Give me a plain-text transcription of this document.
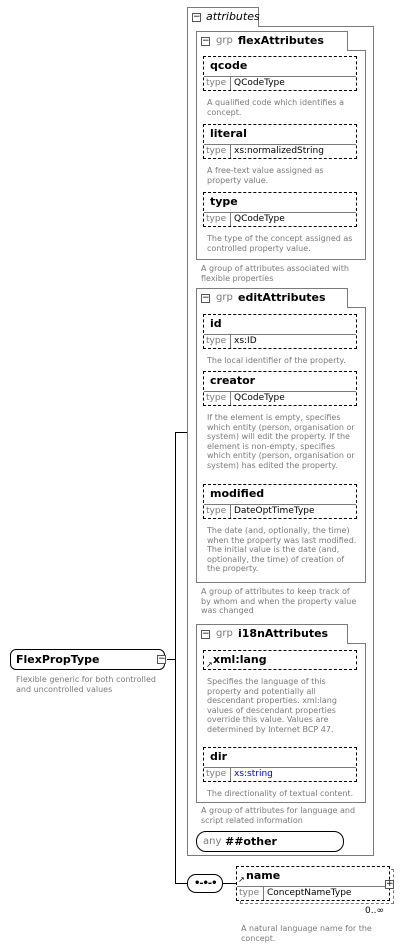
− attributes
− grp flexAttributes
qcode
type QCodeType
A qualified code which identifies a concept.
literal
type xs:normalizedString
A free-text value assigned as property value.
type
type QCodeType
The type of the concept assigned as controlled property value.
A group of attributes associated with flexible properties
− grp editAttributes
id
type xs:ID
The local identifier of the property.
creator
type QCodeType
If the element is empty, specifies which entity (person, organisation or system) will edit the property. If the element is non-empty, specifies which entity (person, organisation or system) has edited the property.
modified
type DateOptTimeType
The date (and, optionally, the time) when the property was last modified. The initial value is the date (and, optionally, the time) of creation of the property.
A group of attributes to keep track of by whom and when the property value was changed
− grp i18nAttributes
↗ xml:lang
Specifies the language of this property and potentially all descendant properties. xml:lang values of descendant properties override this value. Values are determined by Internet BCP 47.
dir
type xs:string
The directionality of textual content.
A group of attributes for language and script related information
any ##other
FlexPropType	−
Flexible generic for both controlled and uncontrolled values
•-•-•	↗ name
type ConceptNameType
+
0..∞
A natural language name for the concept.
